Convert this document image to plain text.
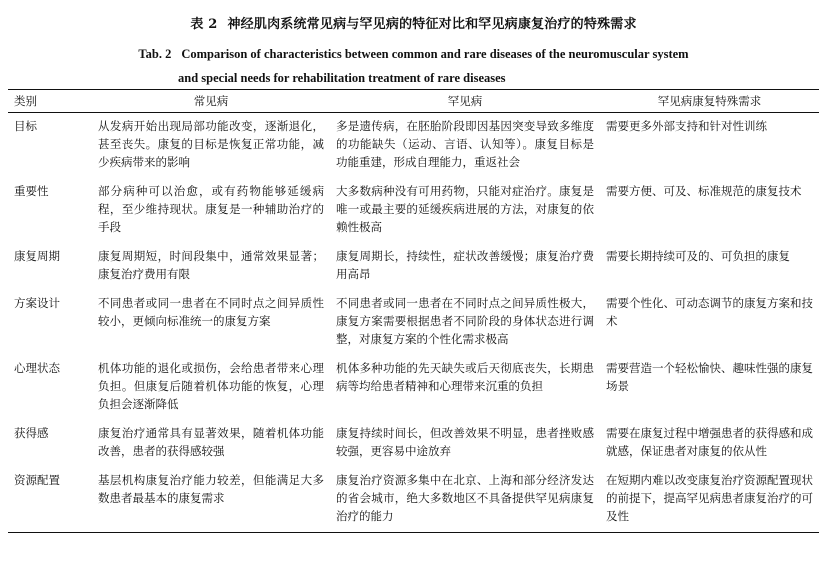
表 2 神经肌肉系统常见病与罕见病的特征对比和罕见病康复治疗的特殊需求
Tab. 2 Comparison of characteristics between common and rare diseases of the neuromuscular system
and special needs for rehabilitation treatment of rare diseases
类别	常见病	罕见病	罕见病康复特殊需求
目标	从发病开始出现局部功能改变，逐渐退化，甚至丧失。康复的目标是恢复正常功能，减少疾病带来的影响	多是遗传病，在胚胎阶段即因基因突变导致多维度的功能缺失（运动、言语、认知等）。康复目标是功能重建，形成自理能力，重返社会	需要更多外部支持和针对性训练
重要性	部分病种可以治愈，或有药物能够延缓病程，至少维持现状。康复是一种辅助治疗的手段	大多数病种没有可用药物，只能对症治疗。康复是唯一或最主要的延缓疾病进展的方法，对康复的依赖性极高	需要方便、可及、标准规范的康复技术
康复周期	康复周期短，时间段集中，通常效果显著；康复治疗费用有限	康复周期长，持续性，症状改善缓慢；康复治疗费用高昂	需要长期持续可及的、可负担的康复
方案设计	不同患者或同一患者在不同时点之间异质性较小，更倾向标准统一的康复方案	不同患者或同一患者在不同时点之间异质性极大，康复方案需要根据患者不同阶段的身体状态进行调整，对康复方案的个性化需求极高	需要个性化、可动态调节的康复方案和技术
心理状态	机体功能的退化或损伤，会给患者带来心理负担。但康复后随着机体功能的恢复，心理负担会逐渐降低	机体多种功能的先天缺失或后天彻底丧失，长期患病等均给患者精神和心理带来沉重的负担	需要营造一个轻松愉快、趣味性强的康复场景
获得感	康复治疗通常具有显著效果，随着机体功能改善，患者的获得感较强	康复持续时间长，但改善效果不明显，患者挫败感较强，更容易中途放弃	需要在康复过程中增强患者的获得感和成就感，保证患者对康复的依从性
资源配置	基层机构康复治疗能力较差，但能满足大多数患者最基本的康复需求	康复治疗资源多集中在北京、上海和部分经济发达的省会城市，绝大多数地区不具备提供罕见病康复治疗的能力	在短期内难以改变康复治疗资源配置现状的前提下，提高罕见病患者康复治疗的可及性
